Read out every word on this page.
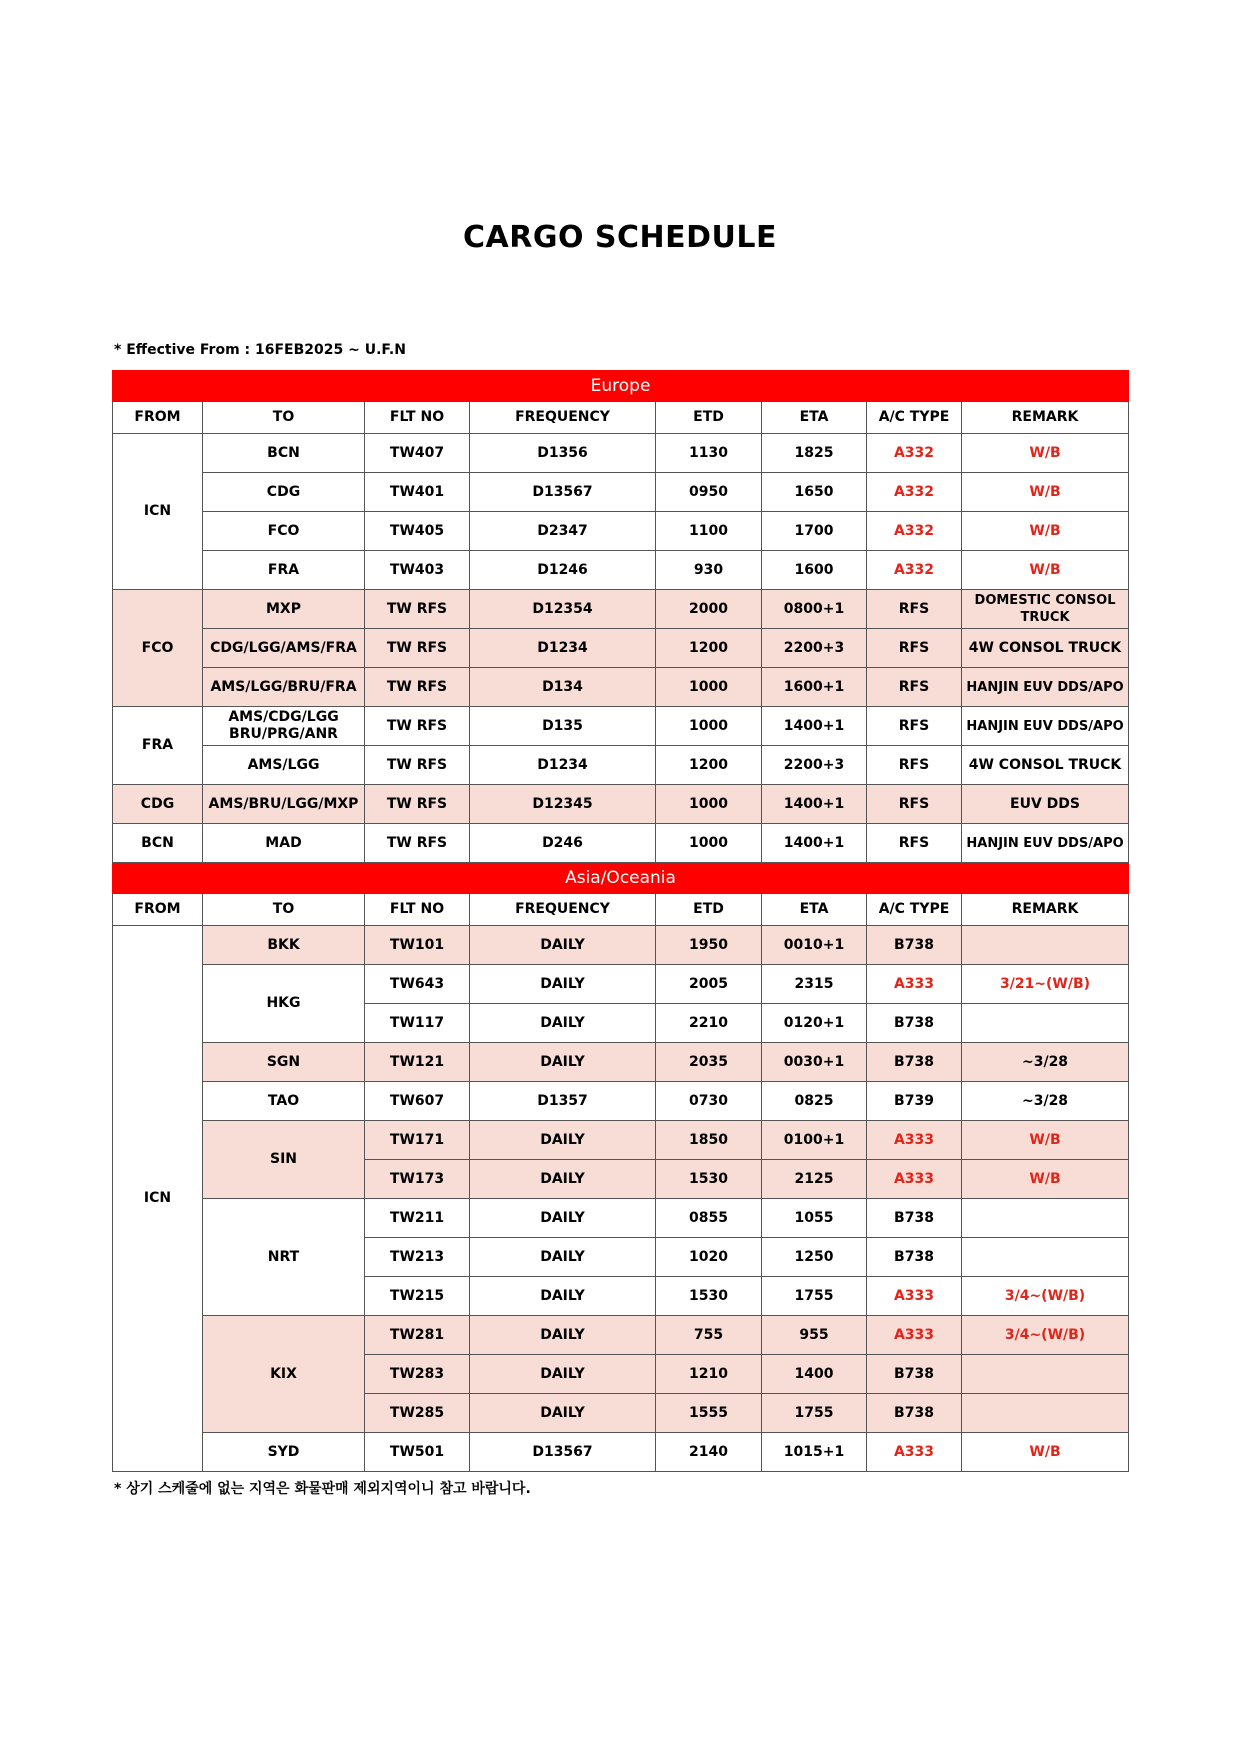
CARGO SCHEDULE
* Effective From : 16FEB2025 ~ U.F.N
Europe							
FROM	TO	FLT NO	FREQUENCY	ETD	ETA	A/C TYPE	REMARK
ICN	BCN	TW407	D1356	1130	1825	A332	W/B
	CDG	TW401	D13567	0950	1650	A332	W/B
	FCO	TW405	D2347	1100	1700	A332	W/B
	FRA	TW403	D1246	930	1600	A332	W/B
FCO	MXP	TW RFS	D12354	2000	0800+1	RFS	DOMESTIC CONSOL TRUCK
	CDG/LGG/AMS/FRA	TW RFS	D1234	1200	2200+3	RFS	4W CONSOL TRUCK
	AMS/LGG/BRU/FRA	TW RFS	D134	1000	1600+1	RFS	HANJIN EUV DDS/APO
FRA	AMS/CDG/LGG BRU/PRG/ANR	TW RFS	D135	1000	1400+1	RFS	HANJIN EUV DDS/APO
	AMS/LGG	TW RFS	D1234	1200	2200+3	RFS	4W CONSOL TRUCK
CDG	AMS/BRU/LGG/MXP	TW RFS	D12345	1000	1400+1	RFS	EUV DDS
BCN	MAD	TW RFS	D246	1000	1400+1	RFS	HANJIN EUV DDS/APO
Asia/Oceania							
FROM	TO	FLT NO	FREQUENCY	ETD	ETA	A/C TYPE	REMARK
ICN	BKK	TW101	DAILY	1950	0010+1	B738	
	HKG	TW643	DAILY	2005	2315	A333	3/21~(W/B)
		TW117	DAILY	2210	0120+1	B738	
	SGN	TW121	DAILY	2035	0030+1	B738	~3/28
	TAO	TW607	D1357	0730	0825	B739	~3/28
	SIN	TW171	DAILY	1850	0100+1	A333	W/B
		TW173	DAILY	1530	2125	A333	W/B
	NRT	TW211	DAILY	0855	1055	B738	
		TW213	DAILY	1020	1250	B738	
		TW215	DAILY	1530	1755	A333	3/4~(W/B)
	KIX	TW281	DAILY	755	955	A333	3/4~(W/B)
		TW283	DAILY	1210	1400	B738	
		TW285	DAILY	1555	1755	B738	
	SYD	TW501	D13567	2140	1015+1	A333	W/B
* 상기 스케줄에 없는 지역은 화물판매 제외지역이니 참고 바랍니다.
